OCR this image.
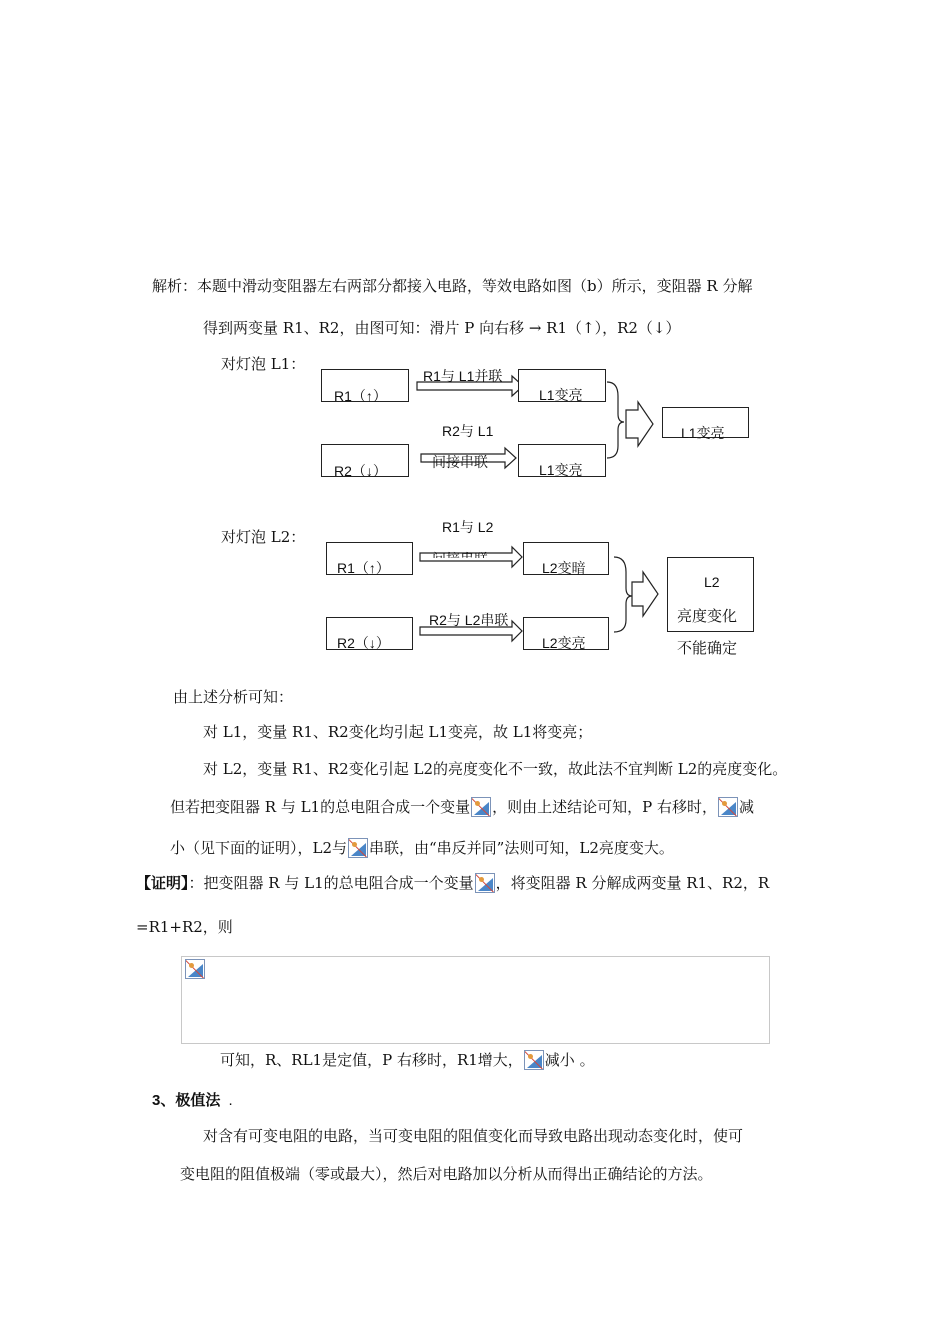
解析：本题中滑动变阻器左右两部分都接入电路，等效电路如图（b）所示，变阻器 R 分解
得到两变量 R1、R2，由图可知：滑片 P 向右移 → R1（↑），R2（↓）
对灯泡 L1：
R1（↑）
R2（↓）
R1与 L1并联
R2与 L1
间接串联
L1变亮
L1变亮
L1变亮
对灯泡 L2：
R1（↑）
R2（↓）
R1与 L2
R2与 L2串联
L2变暗
L2变亮
L2
亮度变化
不能确定
由上述分析可知：
对 L1，变量 R1、R2变化均引起 L1变亮，故 L1将变亮；
对 L2，变量 R1、R2变化引起 L2的亮度变化不一致，故此法不宜判断 L2的亮度变化。
但若把变阻器 R 与 L1的总电阻合成一个变量 ，则由上述结论可知，P 右移时， 减
小（见下面的证明），L2与 串联，由“串反并同”法则可知，L2亮度变大。
【证明】：把变阻器 R 与 L1的总电阻合成一个变量 ，将变阻器 R 分解成两变量 R1、R2，R
=R1+R2，则
可知，R、RL1是定值，P 右移时，R1增大， 减小 。
3、极值法 .
对含有可变电阻的电路，当可变电阻的阻值变化而导致电路出现动态变化时，使可
变电阻的阻值极端（零或最大），然后对电路加以分析从而得出正确结论的方法。
